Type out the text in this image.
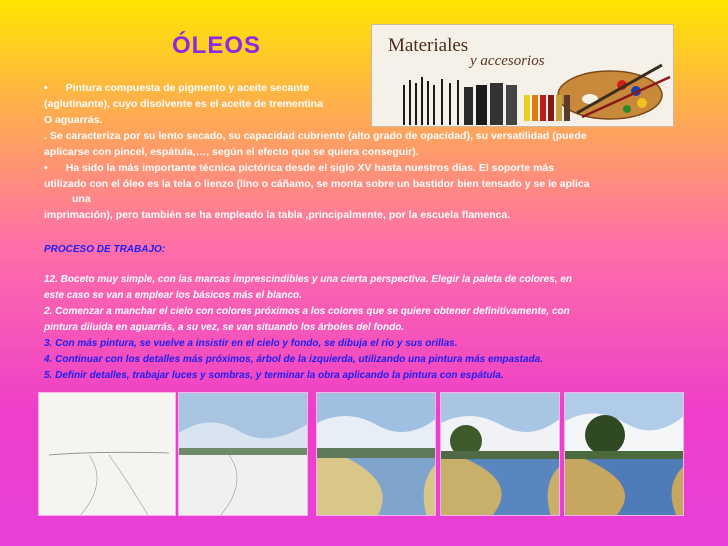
ÓLEOS	Materiales
y accesorios
• Pintura compuesta de pigmento y aceite secante
(aglutinante), cuyo disolvente es el aceite de trementina
O aguarrás.
. Se caracteriza por su lento secado, su capacidad cubriente (alto grado de opacidad), su versatilidad (puede
aplicarse con pincel, espátula,…, según el efecto que se quiera conseguir).
• Ha sido la más importante técnica pictórica desde el siglo XV hasta nuestros días. El soporte más
utilizado con el óleo es la tela o lienzo (lino o cáñamo, se monta sobre un bastidor bien tensado y se le aplica
una
imprimación), pero también se ha empleado la tabla ,principalmente, por la escuela flamenca.
PROCESO DE TRABAJO:
12. Boceto muy simple, con las marcas imprescindibles y una cierta perspectiva. Elegir la paleta de colores, en
este caso se van a emplear los básicos más el blanco.
2. Comenzar a manchar el cielo con colores próximos a los colores que se quiere obtener definitivamente, con
pintura diluida en aguarrás, a su vez, se van situando los árboles del fondo.
3. Con más pintura, se vuelve a insistir en el cielo y fondo, se dibuja el río y sus orillas.
4. Continuar con los detalles más próximos, árbol de la izquierda, utilizando una pintura más empastada.
5. Definir detalles, trabajar luces y sombras, y terminar la obra aplicando la pintura con espátula.
